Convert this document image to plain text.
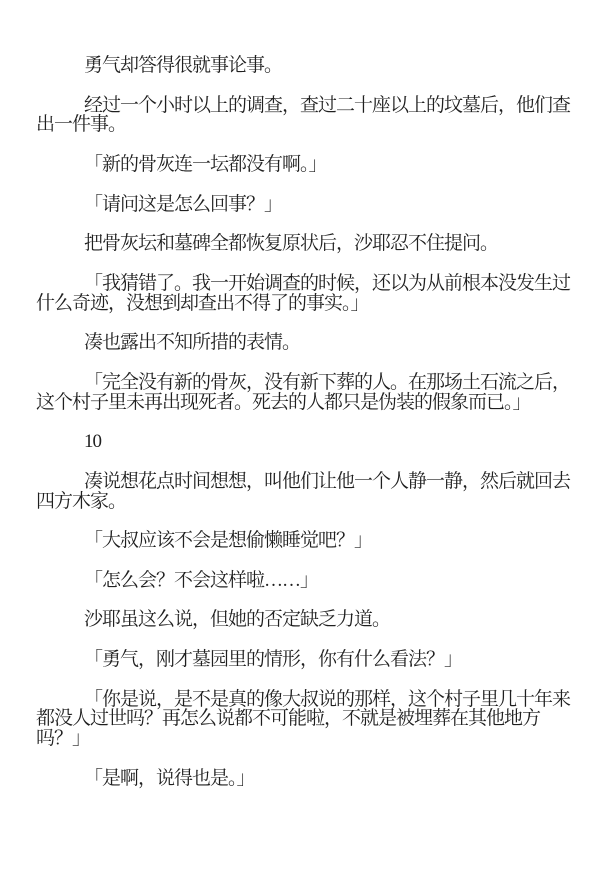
勇气却答得很就事论事。
经过一个小时以上的调查，查过二十座以上的坟墓后，他们查
出一件事。
「新的骨灰连一坛都没有啊。」
「请问这是怎么回事？」
把骨灰坛和墓碑全都恢复原状后，沙耶忍不住提问。
「我猜错了。我一开始调查的时候，还以为从前根本没发生过
什么奇迹，没想到却查出不得了的事实。」
凑也露出不知所措的表情。
「完全没有新的骨灰，没有新下葬的人。在那场土石流之后，
这个村子里未再出现死者。死去的人都只是伪装的假象而已。」
10
凑说想花点时间想想，叫他们让他一个人静一静，然后就回去
四方木家。
「大叔应该不会是想偷懒睡觉吧？」
「怎么会？不会这样啦……」
沙耶虽这么说，但她的否定缺乏力道。
「勇气，刚才墓园里的情形，你有什么看法？」
「你是说，是不是真的像大叔说的那样，这个村子里几十年来
都没人过世吗？再怎么说都不可能啦，不就是被埋葬在其他地方
吗？」
「是啊，说得也是。」
